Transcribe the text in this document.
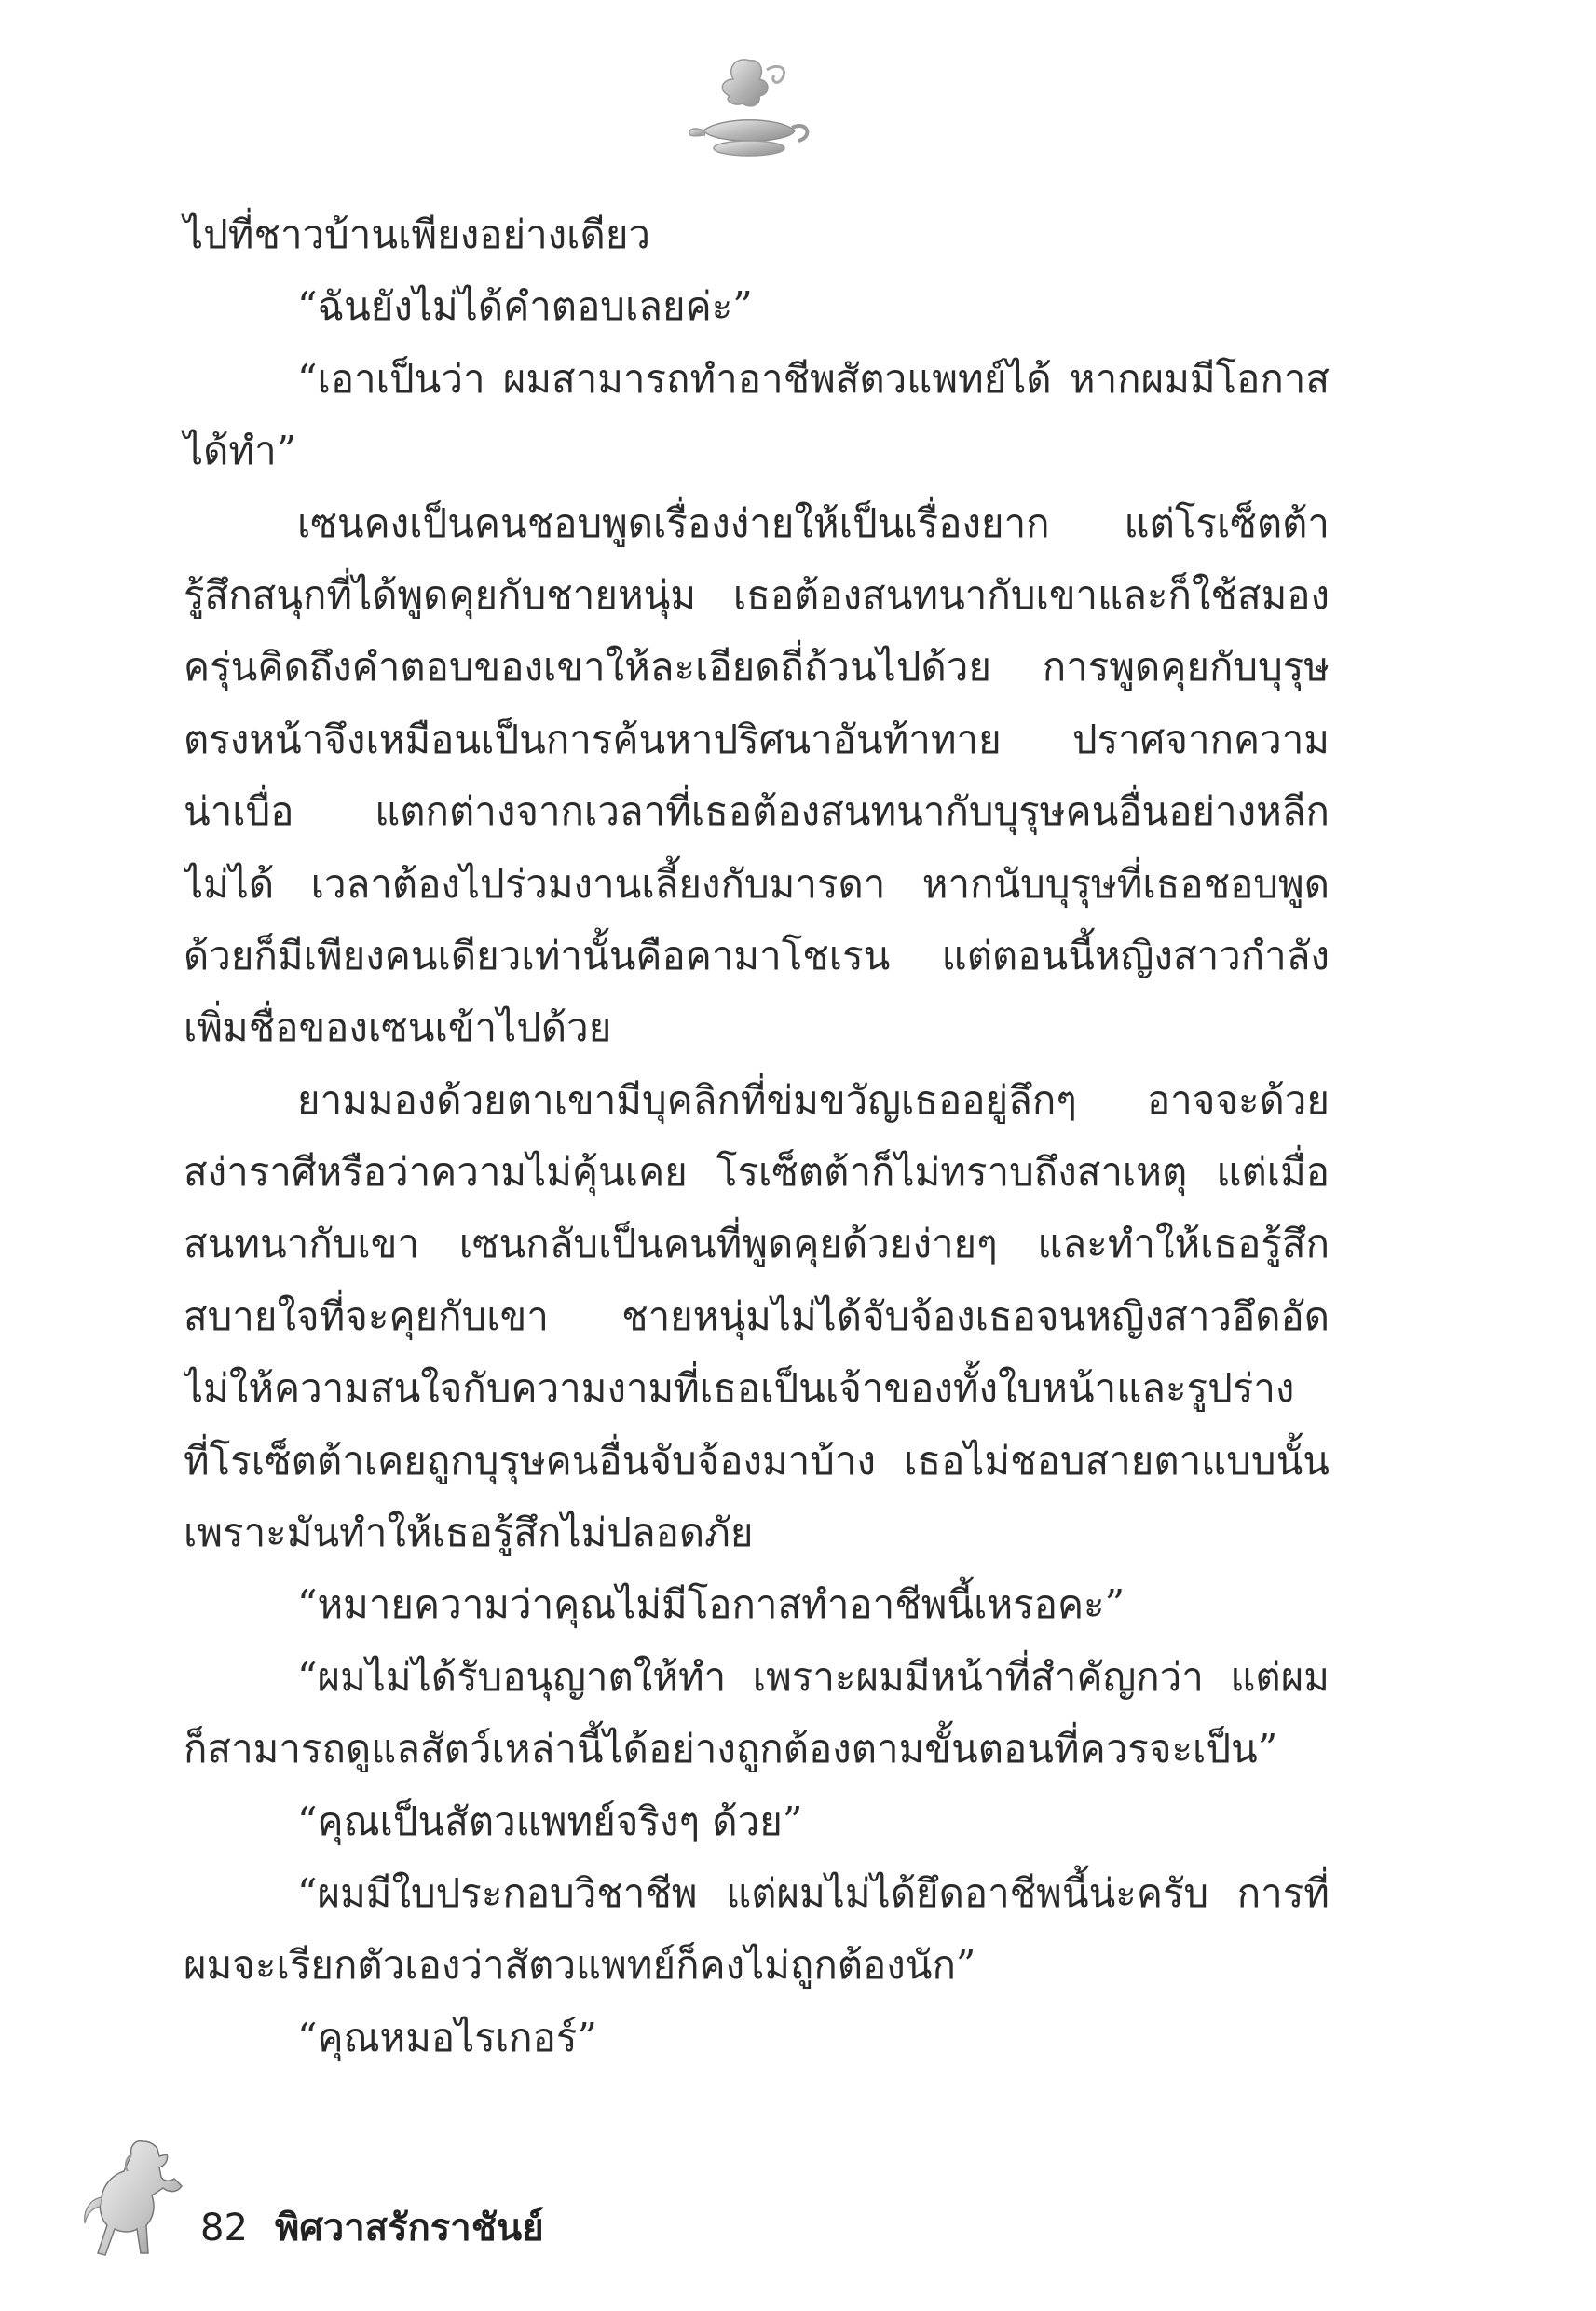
ไปที่ชาวบ้านเพียงอย่างเดียว
“ฉันยังไม่ได้คำตอบเลยค่ะ”
“เอาเป็นว่า ผมสามารถทำอาชีพสัตวแพทย์ได้ หากผมมีโอกาส
ได้ทำ”
เซนคงเป็นคนชอบพูดเรื่องง่ายให้เป็นเรื่องยาก แต่โรเซ็ตต้า
รู้สึกสนุกที่ได้พูดคุยกับชายหนุ่ม เธอต้องสนทนากับเขาและก็ใช้สมอง
ครุ่นคิดถึงคำตอบของเขาให้ละเอียดถี่ถ้วนไปด้วย การพูดคุยกับบุรุษ
ตรงหน้าจึงเหมือนเป็นการค้นหาปริศนาอันท้าทาย ปราศจากความ
น่าเบื่อ แตกต่างจากเวลาที่เธอต้องสนทนากับบุรุษคนอื่นอย่างหลีก
ไม่ได้ เวลาต้องไปร่วมงานเลี้ยงกับมารดา หากนับบุรุษที่เธอชอบพูด
ด้วยก็มีเพียงคนเดียวเท่านั้นคือคามาโชเรน แต่ตอนนี้หญิงสาวกำลัง
เพิ่มชื่อของเซนเข้าไปด้วย
ยามมองด้วยตาเขามีบุคลิกที่ข่มขวัญเธออยู่ลึกๆ อาจจะด้วย
สง่าราศีหรือว่าความไม่คุ้นเคย โรเซ็ตต้าก็ไม่ทราบถึงสาเหตุ แต่เมื่อ
สนทนากับเขา เซนกลับเป็นคนที่พูดคุยด้วยง่ายๆ และทำให้เธอรู้สึก
สบายใจที่จะคุยกับเขา ชายหนุ่มไม่ได้จับจ้องเธอจนหญิงสาวอึดอัด
ไม่ให้ความสนใจกับความงามที่เธอเป็นเจ้าของทั้งใบหน้าและรูปร่าง
ที่โรเซ็ตต้าเคยถูกบุรุษคนอื่นจับจ้องมาบ้าง เธอไม่ชอบสายตาแบบนั้น
เพราะมันทำให้เธอรู้สึกไม่ปลอดภัย
“หมายความว่าคุณไม่มีโอกาสทำอาชีพนี้เหรอคะ”
“ผมไม่ได้รับอนุญาตให้ทำ เพราะผมมีหน้าที่สำคัญกว่า แต่ผม
ก็สามารถดูแลสัตว์เหล่านี้ได้อย่างถูกต้องตามขั้นตอนที่ควรจะเป็น”
“คุณเป็นสัตวแพทย์จริงๆ ด้วย”
“ผมมีใบประกอบวิชาชีพ แต่ผมไม่ได้ยึดอาชีพนี้น่ะครับ การที่
ผมจะเรียกตัวเองว่าสัตวแพทย์ก็คงไม่ถูกต้องนัก”
“คุณหมอไรเกอร์”
82 พิศวาสรักราชันย์
